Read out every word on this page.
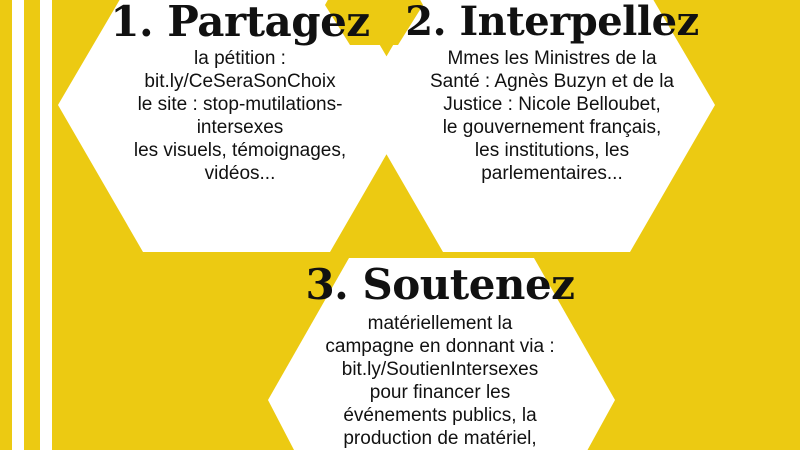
1. Partagez
la pétition :
bit.ly/CeSeraSonChoix
le site : stop-mutilations-
intersexes
les visuels, témoignages,
vidéos...
2. Interpellez
Mmes les Ministres de la
Santé : Agnès Buzyn et de la
Justice : Nicole Belloubet,
le gouvernement français,
les institutions, les
parlementaires...
3. Soutenez
matériellement la
campagne en donnant via :
bit.ly/SoutienIntersexes
pour financer les
événements publics, la
production de matériel,
